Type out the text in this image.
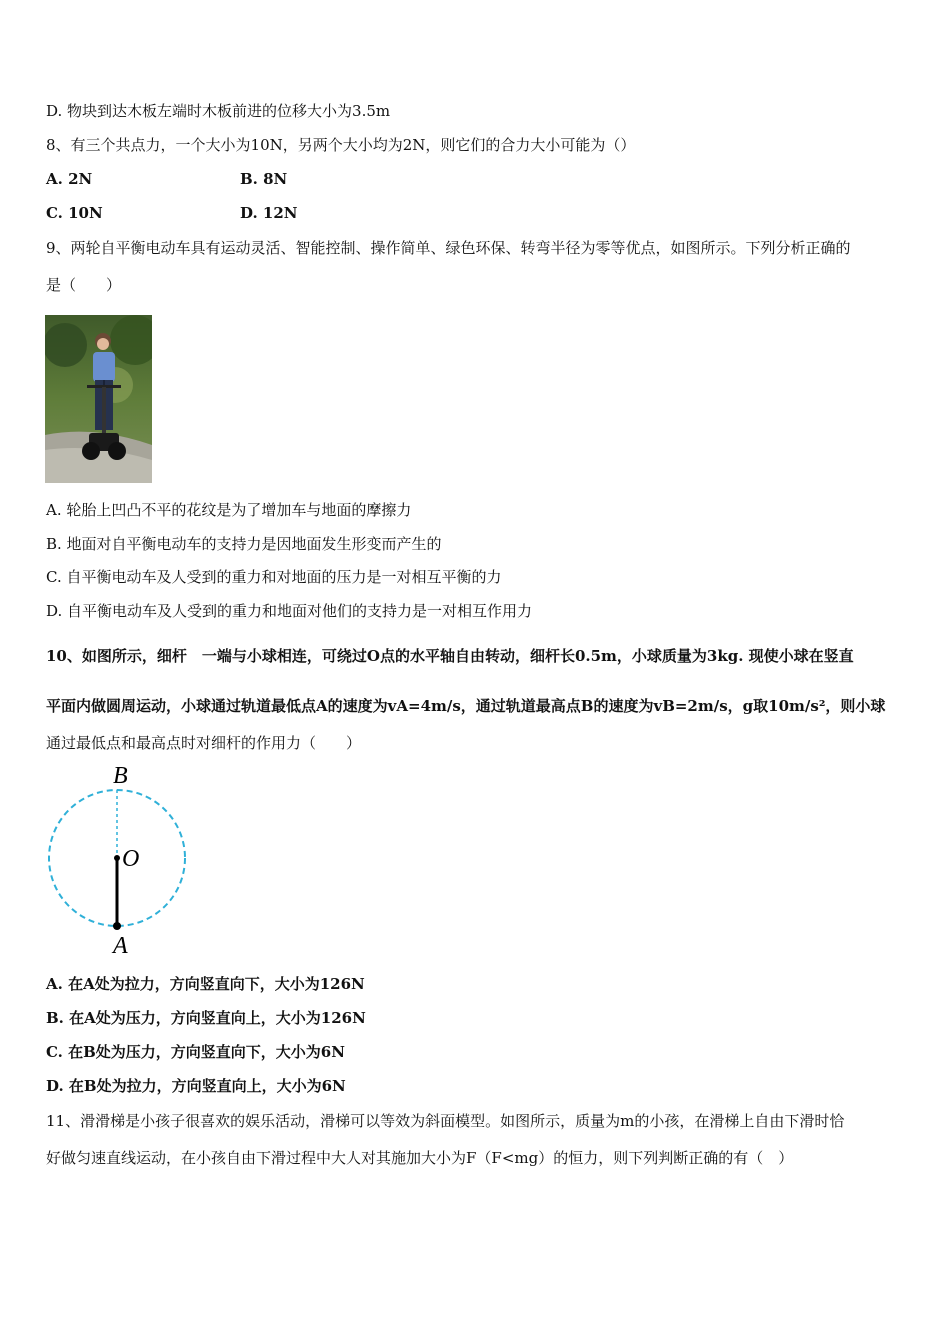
D. 物块到达木板左端时木板前进的位移大小为3.5m
8、有三个共点力，一个大小为10N，另两个大小均为2N，则它们的合力大小可能为（）
A. 2N	B. 8N
C. 10N	D. 12N
9、两轮自平衡电动车具有运动灵活、智能控制、操作简单、绿色环保、转弯半径为零等优点，如图所示。下列分析正确的
是（　　）
A. 轮胎上凹凸不平的花纹是为了增加车与地面的摩擦力
B. 地面对自平衡电动车的支持力是因地面发生形变而产生的
C. 自平衡电动车及人受到的重力和对地面的压力是一对相互平衡的力
D. 自平衡电动车及人受到的重力和地面对他们的支持力是一对相互作用力
10、如图所示，细杆　一端与小球相连，可绕过O点的水平轴自由转动，细杆长0.5m，小球质量为3kg. 现使小球在竖直
平面内做圆周运动，小球通过轨道最低点A的速度为vA=4m/s，通过轨道最高点B的速度为vB=2m/s，g取10m/s²，则小球
通过最低点和最高点时对细杆的作用力（　　）
B
O
A
A. 在A处为拉力，方向竖直向下，大小为126N
B. 在A处为压力，方向竖直向上，大小为126N
C. 在B处为压力，方向竖直向下，大小为6N
D. 在B处为拉力，方向竖直向上，大小为6N
11、滑滑梯是小孩子很喜欢的娱乐活动，滑梯可以等效为斜面模型。如图所示，质量为m的小孩，在滑梯上自由下滑时恰
好做匀速直线运动，在小孩自由下滑过程中大人对其施加大小为F（F<mg）的恒力，则下列判断正确的有（　）
